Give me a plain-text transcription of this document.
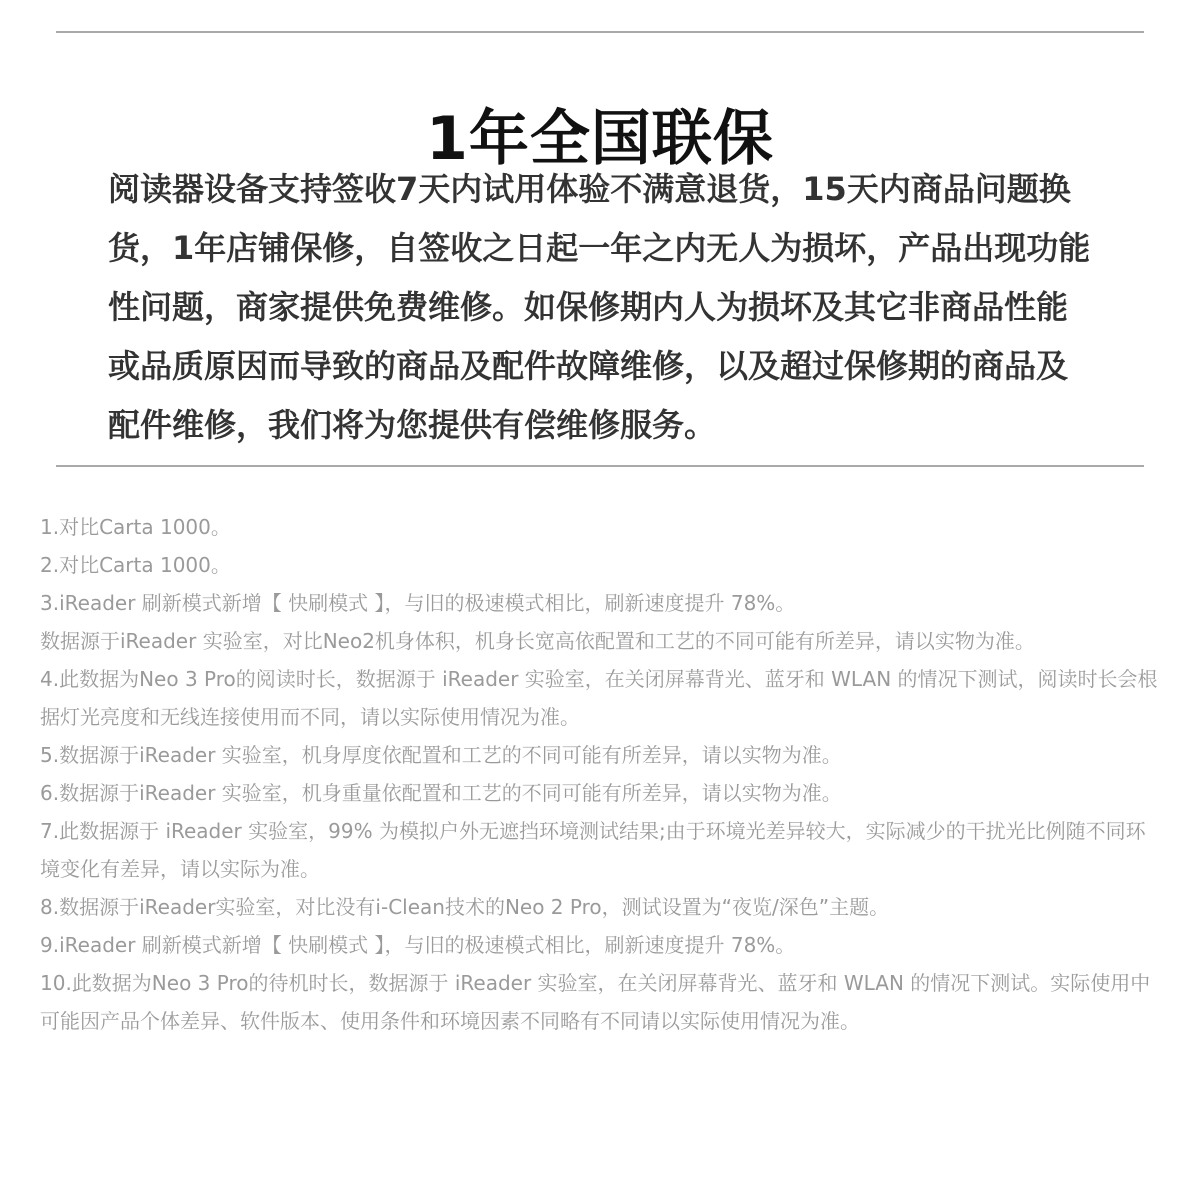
1年全国联保

阅读器设备支持签收7天内试用体验不满意退货，15天内商品问题换货，1年店铺保修，自签收之日起一年之内无人为损坏，产品出现功能性问题，商家提供免费维修。如保修期内人为损坏及其它非商品性能或品质原因而导致的商品及配件故障维修，以及超过保修期的商品及配件维修，我们将为您提供有偿维修服务。

1.对比Carta 1000。
2.对比Carta 1000。
3.iReader 刷新模式新增【 快刷模式 】，与旧的极速模式相比，刷新速度提升 78%。
数据源于iReader 实验室，对比Neo2机身体积，机身长宽高依配置和工艺的不同可能有所差异，请以实物为准。
4.此数据为Neo 3 Pro的阅读时长，数据源于 iReader 实验室，在关闭屏幕背光、蓝牙和 WLAN 的情况下测试，阅读时长会根据灯光亮度和无线连接使用而不同，请以实际使用情况为准。
5.数据源于iReader 实验室，机身厚度依配置和工艺的不同可能有所差异，请以实物为准。
6.数据源于iReader 实验室，机身重量依配置和工艺的不同可能有所差异，请以实物为准。
7.此数据源于 iReader 实验室，99% 为模拟户外无遮挡环境测试结果;由于环境光差异较大，实际减少的干扰光比例随不同环境变化有差异，请以实际为准。
8.数据源于iReader实验室，对比没有i-Clean技术的Neo 2 Pro，测试设置为“夜览/深色”主题。
9.iReader 刷新模式新增【 快刷模式 】，与旧的极速模式相比，刷新速度提升 78%。
10.此数据为Neo 3 Pro的待机时长，数据源于 iReader 实验室，在关闭屏幕背光、蓝牙和 WLAN 的情况下测试。实际使用中可能因产品个体差异、软件版本、使用条件和环境因素不同略有不同请以实际使用情况为准。
